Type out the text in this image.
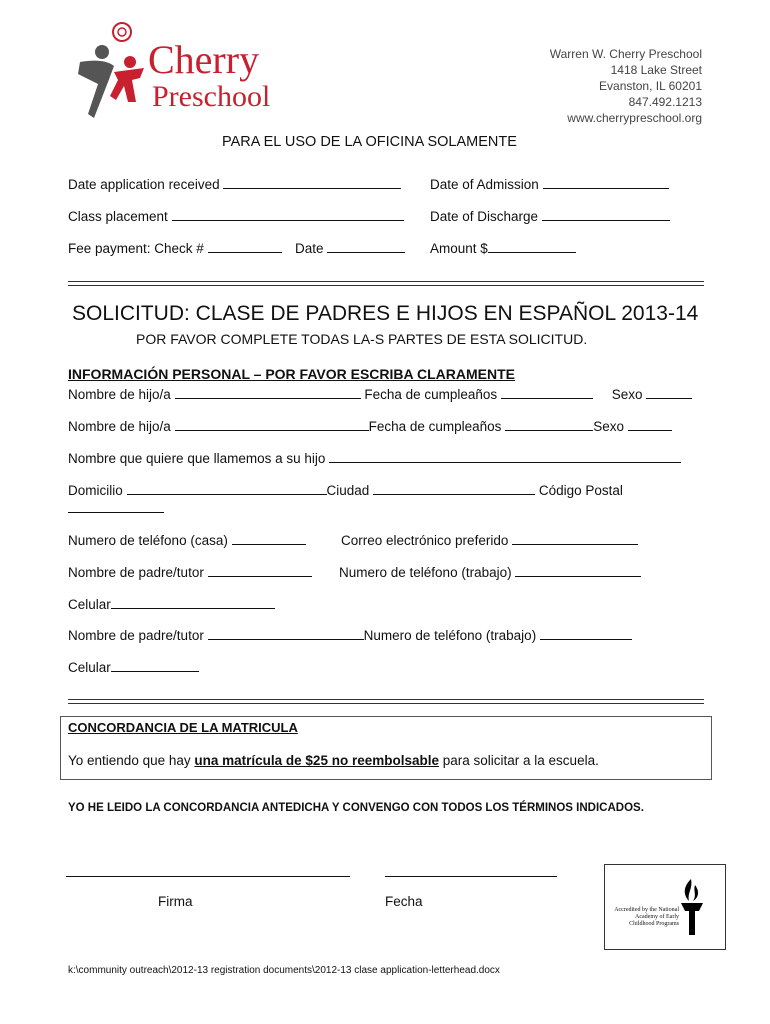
Cherry
Preschool
Warren W. Cherry Preschool
1418 Lake Street
Evanston, IL 60201
847.492.1213
www.cherrypreschool.org
PARA EL USO DE LA OFICINA SOLAMENTE
Date application received	Date of Admission
Class placement	Date of Discharge
Fee payment: Check #	Date	Amount $
SOLICITUD: CLASE DE PADRES E HIJOS EN ESPAÑOL 2013-14
POR FAVOR COMPLETE TODAS LA-S PARTES DE ESTA SOLICITUD.
INFORMACIÓN PERSONAL – POR FAVOR ESCRIBA CLARAMENTE
Nombre de hijo/a	Fecha de cumpleaños	Sexo
Nombre de hijo/a	Fecha de cumpleaños	Sexo
Nombre que quiere que llamemos a su hijo
Domicilio	Ciudad	Código Postal
Numero de teléfono (casa)	Correo electrónico preferido
Nombre de padre/tutor	Numero de teléfono (trabajo)
Celular
Nombre de padre/tutor	Numero de teléfono (trabajo)
Celular
CONCORDANCIA DE LA MATRICULA
Yo entiendo que hay una matrícula de $25 no reembolsable para solicitar a la escuela.
YO HE LEIDO LA CONCORDANCIA ANTEDICHA Y CONVENGO CON TODOS LOS TÉRMINOS INDICADOS.
Firma	Fecha
Accredited by the National Academy of Early Childhood Programs
k:\community outreach\2012-13 registration documents\2012-13 clase application-letterhead.docx
